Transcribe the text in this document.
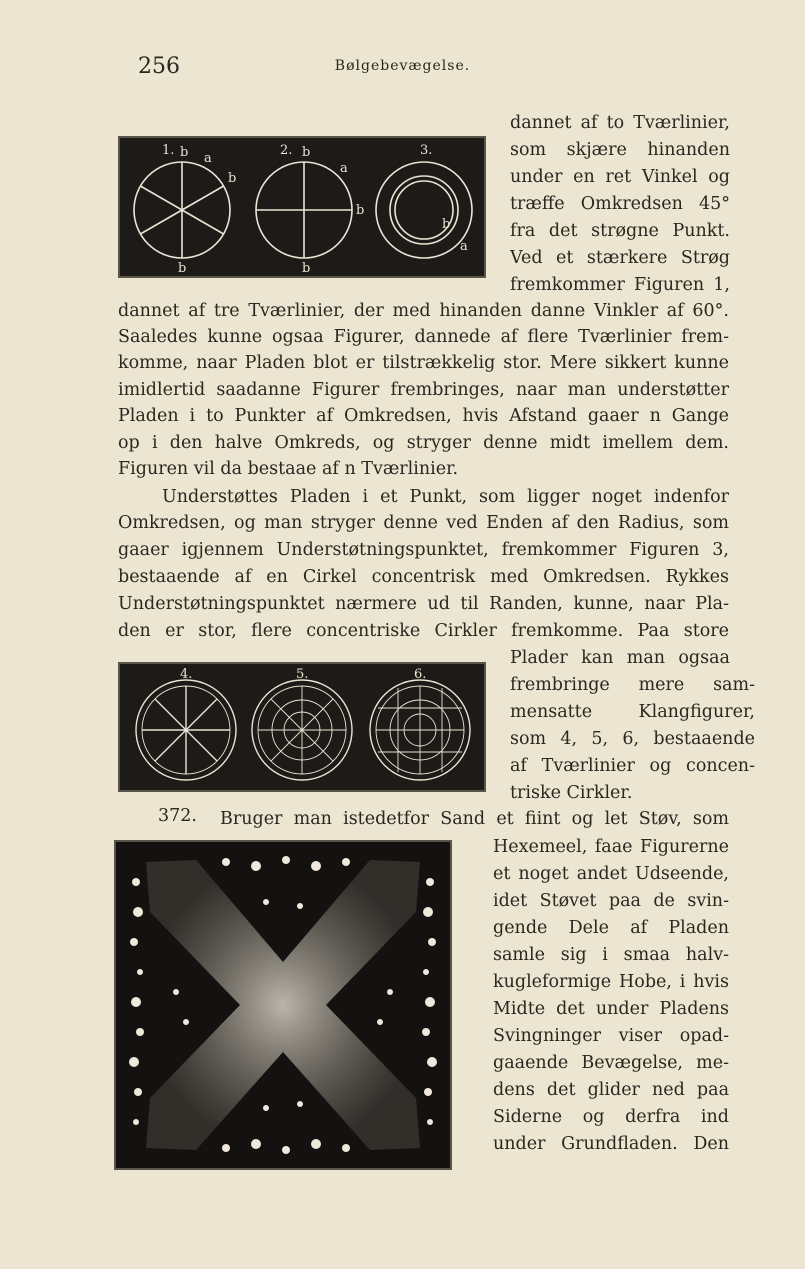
256	Bølgebevægelse.
1. b a
b
b
2. b
a
b
b
3.
b
a
4.	5.	6.
dannet af to Tværlinier,
som skjære hinanden
under en ret Vinkel og
træffe Omkredsen 45°
fra det strøgne Punkt.
Ved et stærkere Strøg
fremkommer Figuren 1,
dannet af tre Tværlinier, der med hinanden danne Vinkler af 60°.
Saaledes kunne ogsaa Figurer, dannede af flere Tværlinier frem-
komme, naar Pladen blot er tilstrækkelig stor. Mere sikkert kunne
imidlertid saadanne Figurer frembringes, naar man understøtter
Pladen i to Punkter af Omkredsen, hvis Afstand gaaer n Gange
op i den halve Omkreds, og stryger denne midt imellem dem.
Figuren vil da bestaae af n Tværlinier.
Understøttes Pladen i et Punkt, som ligger noget indenfor
Omkredsen, og man stryger denne ved Enden af den Radius, som
gaaer igjennem Understøtningspunktet, fremkommer Figuren 3,
bestaaende af en Cirkel concentrisk med Omkredsen. Rykkes
Understøtningspunktet nærmere ud til Randen, kunne, naar Pla-
den er stor, flere concentriske Cirkler fremkomme. Paa store
Plader kan man ogsaa
frembringe mere sam-
mensatte Klangfigurer,
som 4, 5, 6, bestaaende
af Tværlinier og concen-
triske Cirkler.
372. Bruger man istedetfor Sand et fiint og let Støv, som
Hexemeel, faae Figurerne
et noget andet Udseende,
idet Støvet paa de svin-
gende Dele af Pladen
samle sig i smaa halv-
kugleformige Hobe, i hvis
Midte det under Pladens
Svingninger viser opad-
gaaende Bevægelse, me-
dens det glider ned paa
Siderne og derfra ind
under Grundfladen. Den
